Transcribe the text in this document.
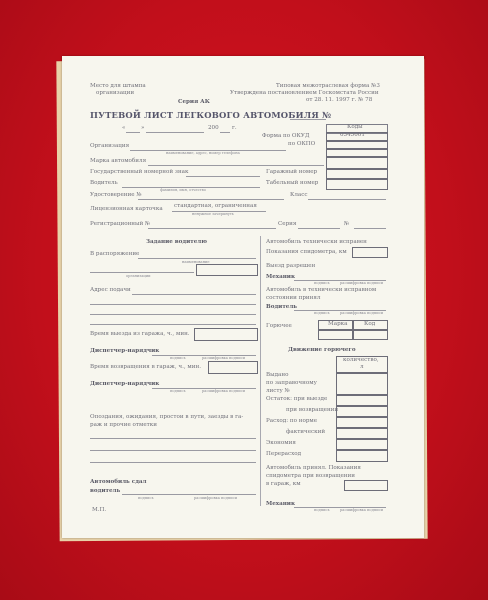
Место для штампа
организации
Типовая межотраслевая форма №3
Утверждена постановлением Госкомстата России
от 28. 11. 1997 г. № 78
Серия АК
ПУТЕВОЙ ЛИСТ ЛЕГКОВОГО АВТОМОБИЛЯ №
«	»	200 г.	Коды
Форма по ОКУД	0345001
по ОКПО
Организация
наименование, адрес, номер телефона
Марка автомобиля
Государственный номерной знак	Гаражный номер
Водитель
фамилия, имя, отчество
Табельный номер
Удостоверение №	Класс
Лицензионная карточка стандартная, ограниченная
ненужное зачеркнуть
Регистрационный №	Серия	№
Задание водителю
В распоряжение
наименование
организации
Адрес подачи
Время выезда из гаража, ч., мин.
Диспетчер-нарядчик
подпись	расшифровка подписи
Время возвращения в гараж, ч., мин.
Диспетчер-нарядчик
подпись	расшифровка подписи
Опоздания, ожидания, простои в пути, заезды в га-
раж и прочие отметки
Автомобиль сдал
водитель
подпись	расшифровка подписи
М.П.
Автомобиль технически исправен
Показания спидометра, км
Выезд разрешен
Механик
подпись	расшифровка подписи
Автомобиль в технически исправном
состоянии принял
Водитель
подпись	расшифровка подписи
Горючее	Марка	Код
Движение горючего
количество,
л
Выдано
по заправочному
листу №
Остаток: при выезде
при возвращении
Расход: по норме
фактический
Экономия
Перерасход
Автомобиль принял. Показания
спидометра при возвращении
в гараж, км
Механик
подпись	расшифровка подписи
